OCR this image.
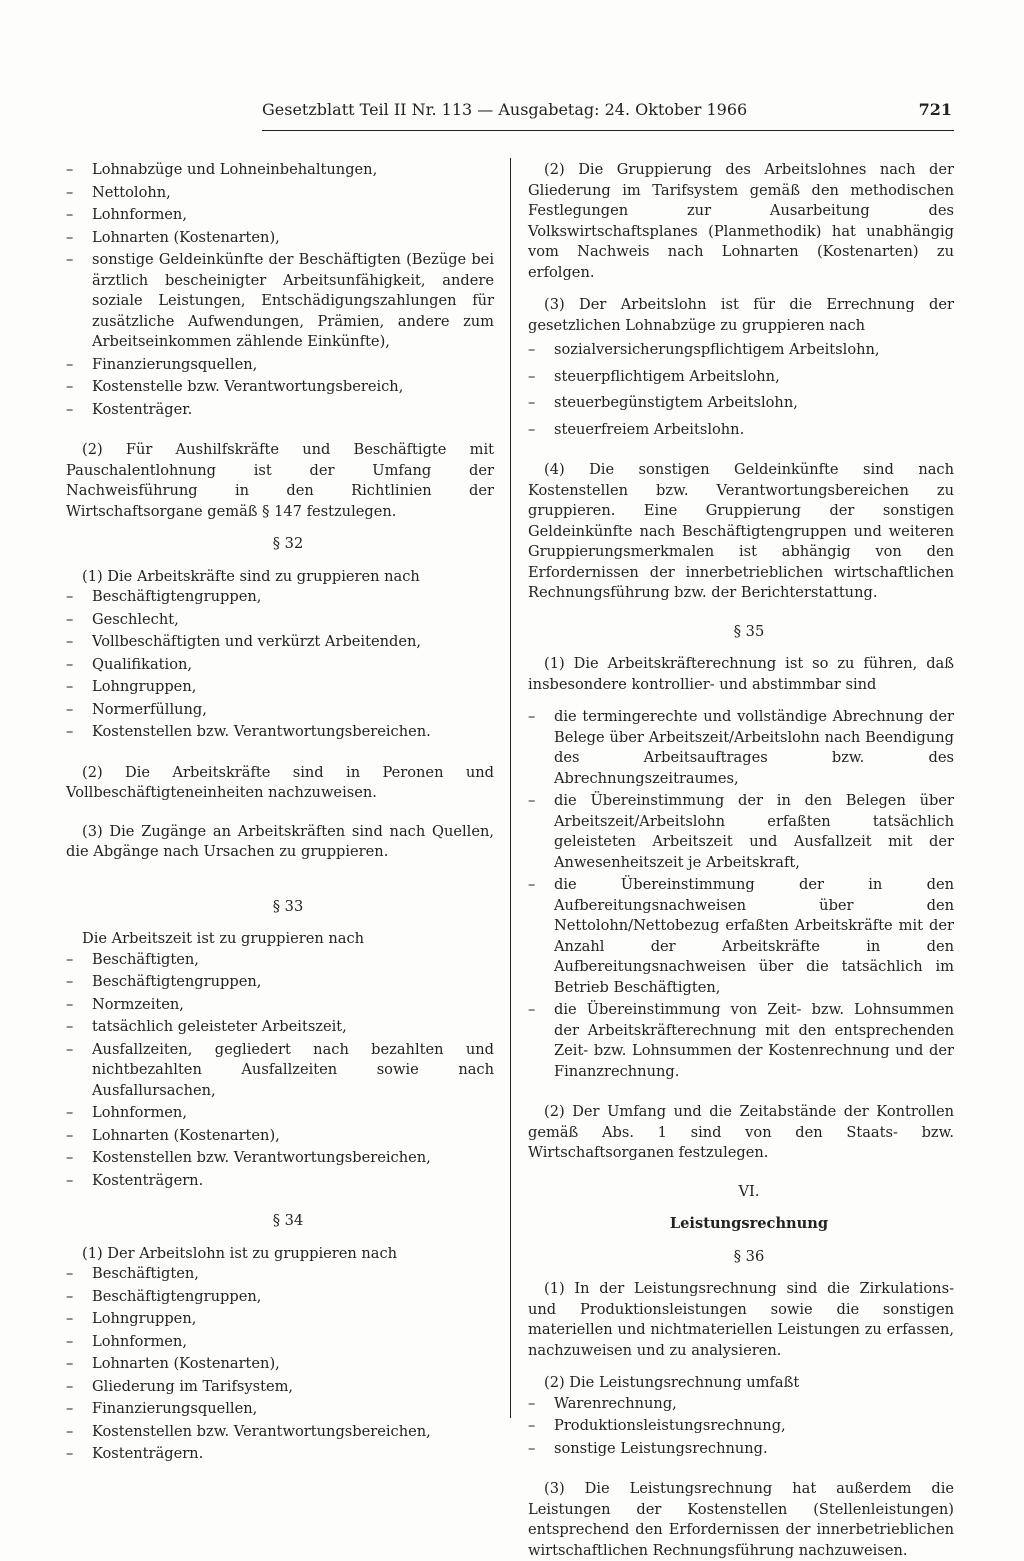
Gesetzblatt Teil II Nr. 113 — Ausgabetag: 24. Oktober 1966	721
– Lohnabzüge und Lohneinbehaltungen,
– Nettolohn,
– Lohnformen,
– Lohnarten (Kostenarten),
– sonstige Geldeinkünfte der Beschäftigten (Bezüge bei ärztlich bescheinigter Arbeitsunfähigkeit, andere soziale Leistungen, Entschädigungszahlungen für zusätzliche Aufwendungen, Prämien, andere zum Arbeitseinkommen zählende Einkünfte),
– Finanzierungsquellen,
– Kostenstelle bzw. Verantwortungsbereich,
– Kostenträger.

(2) Für Aushilfskräfte und Beschäftigte mit Pauschalentlohnung ist der Umfang der Nachweisführung in den Richtlinien der Wirtschaftsorgane gemäß § 147 festzulegen.

§ 32

(1) Die Arbeitskräfte sind zu gruppieren nach

– Beschäftigtengruppen,
– Geschlecht,
– Vollbeschäftigten und verkürzt Arbeitenden,
– Qualifikation,
– Lohngruppen,
– Normerfüllung,
– Kostenstellen bzw. Verantwortungsbereichen.

(2) Die Arbeitskräfte sind in Peronen und Vollbeschäftigteneinheiten nachzuweisen.

(3) Die Zugänge an Arbeitskräften sind nach Quellen, die Abgänge nach Ursachen zu gruppieren.

§ 33

Die Arbeitszeit ist zu gruppieren nach

– Beschäftigten,
– Beschäftigtengruppen,
– Normzeiten,
– tatsächlich geleisteter Arbeitszeit,
– Ausfallzeiten, gegliedert nach bezahlten und nichtbezahlten Ausfallzeiten sowie nach Ausfallursachen,
– Lohnformen,
– Lohnarten (Kostenarten),
– Kostenstellen bzw. Verantwortungsbereichen,
– Kostenträgern.

§ 34

(1) Der Arbeitslohn ist zu gruppieren nach

– Beschäftigten,
– Beschäftigtengruppen,
– Lohngruppen,
– Lohnformen,
– Lohnarten (Kostenarten),
– Gliederung im Tarifsystem,
– Finanzierungsquellen,
– Kostenstellen bzw. Verantwortungsbereichen,
– Kostenträgern.

(2) Die Gruppierung des Arbeitslohnes nach der Gliederung im Tarifsystem gemäß den methodischen Festlegungen zur Ausarbeitung des Volkswirtschaftsplanes (Planmethodik) hat unabhängig vom Nachweis nach Lohnarten (Kostenarten) zu erfolgen.

(3) Der Arbeitslohn ist für die Errechnung der gesetzlichen Lohnabzüge zu gruppieren nach

– sozialversicherungspflichtigem Arbeitslohn,
– steuerpflichtigem Arbeitslohn,
– steuerbegünstigtem Arbeitslohn,
– steuerfreiem Arbeitslohn.

(4) Die sonstigen Geldeinkünfte sind nach Kostenstellen bzw. Verantwortungsbereichen zu gruppieren. Eine Gruppierung der sonstigen Geldeinkünfte nach Beschäftigtengruppen und weiteren Gruppierungsmerkmalen ist abhängig von den Erfordernissen der innerbetrieblichen wirtschaftlichen Rechnungsführung bzw. der Berichterstattung.

§ 35

(1) Die Arbeitskräfterechnung ist so zu führen, daß insbesondere kontrollier- und abstimmbar sind

– die termingerechte und vollständige Abrechnung der Belege über Arbeitszeit/Arbeitslohn nach Beendigung des Arbeitsauftrages bzw. des Abrechnungszeitraumes,
– die Übereinstimmung der in den Belegen über Arbeitszeit/Arbeitslohn erfaßten tatsächlich geleisteten Arbeitszeit und Ausfallzeit mit der Anwesenheitszeit je Arbeitskraft,
– die Übereinstimmung der in den Aufbereitungsnachweisen über den Nettolohn/Nettobezug erfaßten Arbeitskräfte mit der Anzahl der Arbeitskräfte in den Aufbereitungsnachweisen über die tatsächlich im Betrieb Beschäftigten,
– die Übereinstimmung von Zeit- bzw. Lohnsummen der Arbeitskräfterechnung mit den entsprechenden Zeit- bzw. Lohnsummen der Kostenrechnung und der Finanzrechnung.

(2) Der Umfang und die Zeitabstände der Kontrollen gemäß Abs. 1 sind von den Staats- bzw. Wirtschaftsorganen festzulegen.

VI.

Leistungsrechnung

§ 36

(1) In der Leistungsrechnung sind die Zirkulations- und Produktionsleistungen sowie die sonstigen materiellen und nichtmateriellen Leistungen zu erfassen, nachzuweisen und zu analysieren.

(2) Die Leistungsrechnung umfaßt

– Warenrechnung,
– Produktionsleistungsrechnung,
– sonstige Leistungsrechnung.

(3) Die Leistungsrechnung hat außerdem die Leistungen der Kostenstellen (Stellenleistungen) entsprechend den Erfordernissen der innerbetrieblichen wirtschaftlichen Rechnungsführung nachzuweisen.
